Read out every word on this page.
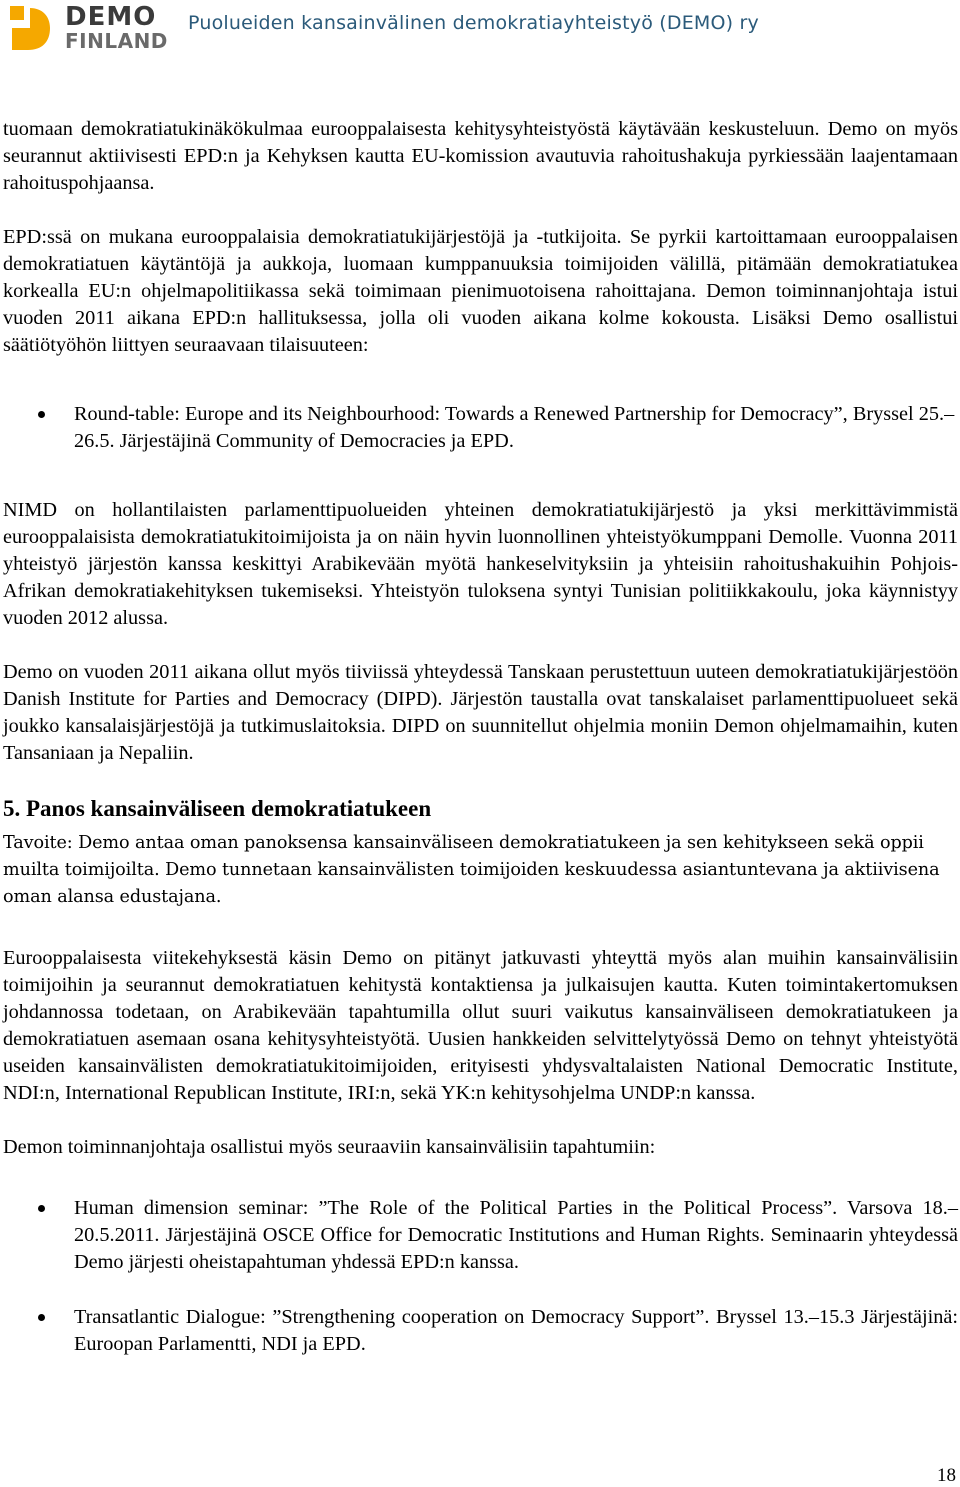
DEMO
FINLAND
Puolueiden kansainvälinen demokratiayhteistyö (DEMO) ry

tuomaan demokratiatukinäkökulmaa eurooppalaisesta kehitysyhteistyöstä käytävään keskusteluun. Demo on myös seurannut aktiivisesti EPD:n ja Kehyksen kautta EU-komission avautuvia rahoitushakuja pyrkiessään laajentamaan rahoituspohjaansa.

EPD:ssä on mukana eurooppalaisia demokratiatukijärjestöjä ja -tutkijoita. Se pyrkii kartoittamaan eurooppalaisen demokratiatuen käytäntöjä ja aukkoja, luomaan kumppanuuksia toimijoiden välillä, pitämään demokratiatukea korkealla EU:n ohjelmapolitiikassa sekä toimimaan pienimuotoisena rahoittajana. Demon toiminnanjohtaja istui vuoden 2011 aikana EPD:n hallituksessa, jolla oli vuoden aikana kolme kokousta. Lisäksi Demo osallistui säätiötyöhön liittyen seuraavaan tilaisuuteen:

Round-table: Europe and its Neighbourhood: Towards a Renewed Partnership for Democracy”, Bryssel 25.–26.5. Järjestäjinä Community of Democracies ja EPD.

NIMD on hollantilaisten parlamenttipuolueiden yhteinen demokratiatukijärjestö ja yksi merkittävimmistä eurooppalaisista demokratiatukitoimijoista ja on näin hyvin luonnollinen yhteistyökumppani Demolle. Vuonna 2011 yhteistyö järjestön kanssa keskittyi Arabikevään myötä hankeselvityksiin ja yhteisiin rahoitushakuihin Pohjois-Afrikan demokratiakehityksen tukemiseksi. Yhteistyön tuloksena syntyi Tunisian politiikkakoulu, joka käynnistyy vuoden 2012 alussa.

Demo on vuoden 2011 aikana ollut myös tiiviissä yhteydessä Tanskaan perustettuun uuteen demokratiatukijärjestöön Danish Institute for Parties and Democracy (DIPD). Järjestön taustalla ovat tanskalaiset parlamenttipuolueet sekä joukko kansalaisjärjestöjä ja tutkimuslaitoksia. DIPD on suunnitellut ohjelmia moniin Demon ohjelmamaihin, kuten Tansaniaan ja Nepaliin.

5. Panos kansainväliseen demokratiatukeen

Tavoite: Demo antaa oman panoksensa kansainväliseen demokratiatukeen ja sen kehitykseen sekä oppii muilta toimijoilta. Demo tunnetaan kansainvälisten toimijoiden keskuudessa asiantuntevana ja aktiivisena oman alansa edustajana.

Eurooppalaisesta viitekehyksestä käsin Demo on pitänyt jatkuvasti yhteyttä myös alan muihin kansainvälisiin toimijoihin ja seurannut demokratiatuen kehitystä kontaktiensa ja julkaisujen kautta. Kuten toimintakertomuksen johdannossa todetaan, on Arabikevään tapahtumilla ollut suuri vaikutus kansainväliseen demokratiatukeen ja demokratiatuen asemaan osana kehitysyhteistyötä. Uusien hankkeiden selvittelytyössä Demo on tehnyt yhteistyötä useiden kansainvälisten demokratiatukitoimijoiden, erityisesti yhdysvaltalaisten National Democratic Institute, NDI:n, International Republican Institute, IRI:n, sekä YK:n kehitysohjelma UNDP:n kanssa.

Demon toiminnanjohtaja osallistui myös seuraaviin kansainvälisiin tapahtumiin:

Human dimension seminar: ”The Role of the Political Parties in the Political Process”. Varsova 18.–20.5.2011. Järjestäjinä OSCE Office for Democratic Institutions and Human Rights. Seminaarin yhteydessä Demo järjesti oheistapahtuman yhdessä EPD:n kanssa.
Transatlantic Dialogue: ”Strengthening cooperation on Democracy Support”. Bryssel 13.–15.3 Järjestäjinä: Euroopan Parlamentti, NDI ja EPD.
18
